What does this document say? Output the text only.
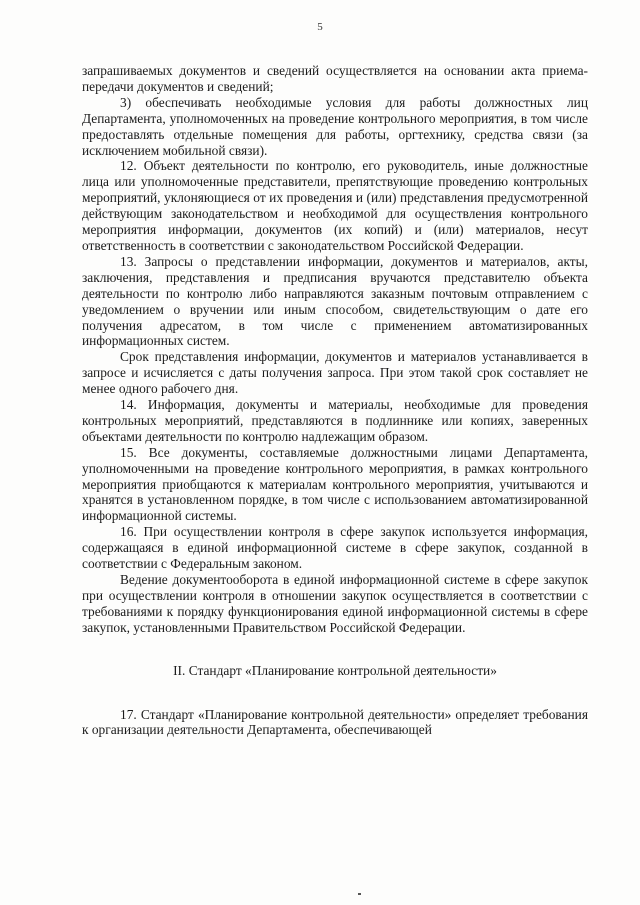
5

запрашиваемых документов и сведений осуществляется на основании акта приема-передачи документов и сведений;

3) обеспечивать необходимые условия для работы должностных лиц Департамента, уполномоченных на проведение контрольного мероприятия, в том числе предоставлять отдельные помещения для работы, оргтехнику, средства связи (за исключением мобильной связи).

12. Объект деятельности по контролю, его руководитель, иные должностные лица или уполномоченные представители, препятствующие проведению контрольных мероприятий, уклоняющиеся от их проведения и (или) представления предусмотренной действующим законодательством и необходимой для осуществления контрольного мероприятия информации, документов (их копий) и (или) материалов, несут ответственность в соответствии с законодательством Российской Федерации.

13. Запросы о представлении информации, документов и материалов, акты, заключения, представления и предписания вручаются представителю объекта деятельности по контролю либо направляются заказным почтовым отправлением с уведомлением о вручении или иным способом, свидетельствующим о дате его получения адресатом, в том числе с применением автоматизированных информационных систем.

Срок представления информации, документов и материалов устанавливается в запросе и исчисляется с даты получения запроса. При этом такой срок составляет не менее одного рабочего дня.

14. Информация, документы и материалы, необходимые для проведения контрольных мероприятий, представляются в подлиннике или копиях, заверенных объектами деятельности по контролю надлежащим образом.

15. Все документы, составляемые должностными лицами Департамента, уполномоченными на проведение контрольного мероприятия, в рамках контрольного мероприятия приобщаются к материалам контрольного мероприятия, учитываются и хранятся в установленном порядке, в том числе с использованием автоматизированной информационной системы.

16. При осуществлении контроля в сфере закупок используется информация, содержащаяся в единой информационной системе в сфере закупок, созданной в соответствии с Федеральным законом.

Ведение документооборота в единой информационной системе в сфере закупок при осуществлении контроля в отношении закупок осуществляется в соответствии с требованиями к порядку функционирования единой информационной системы в сфере закупок, установленными Правительством Российской Федерации.

II. Стандарт «Планирование контрольной деятельности»

17. Стандарт «Планирование контрольной деятельности» определяет требования к организации деятельности Департамента, обеспечивающей
